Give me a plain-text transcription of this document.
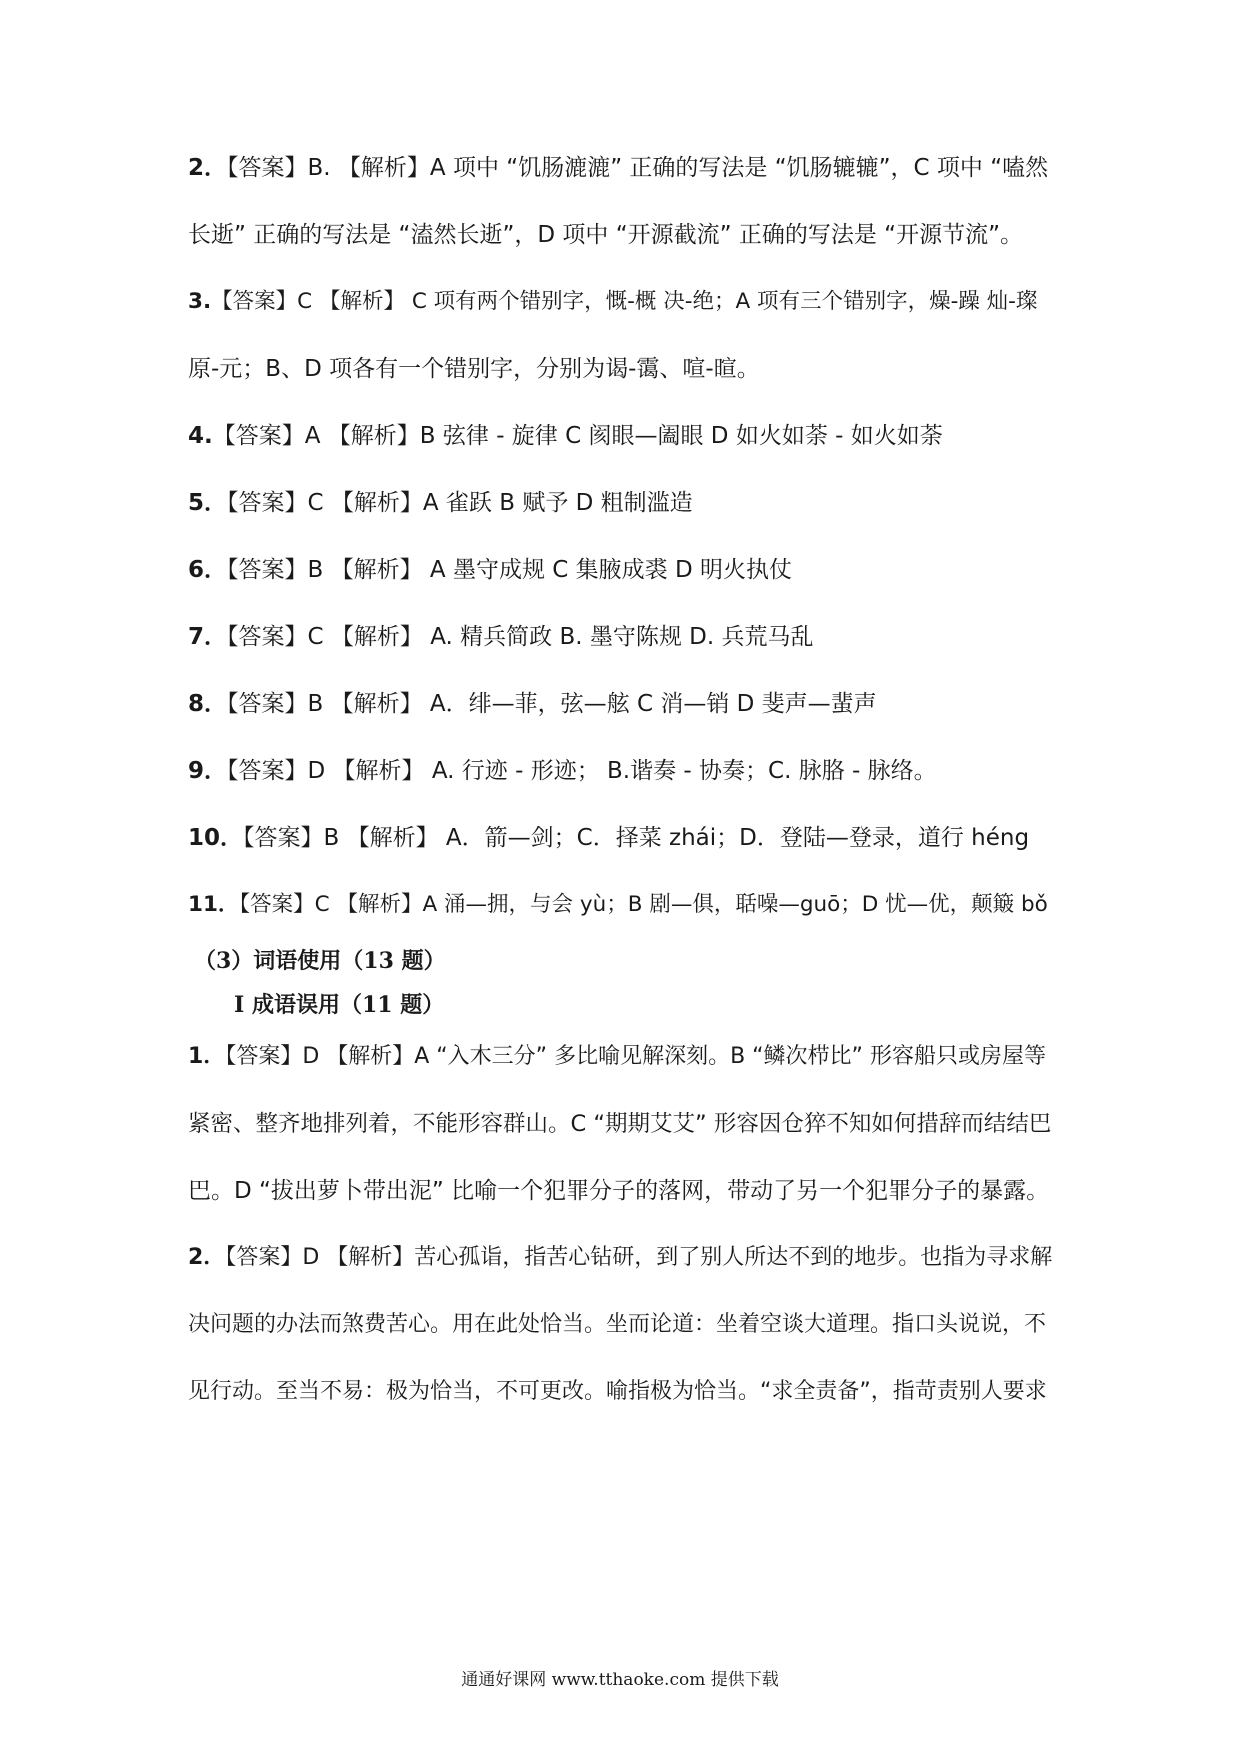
2．【答案】B. 【解析】A 项中 “饥肠漉漉” 正确的写法是 “饥肠辘辘”，C 项中 “嗑然

长逝” 正确的写法是 “溘然长逝”，D 项中 “开源截流” 正确的写法是 “开源节流”。

3.【答案】C 【解析】 C 项有两个错别字，慨-概 决-绝；A 项有三个错别字，燥-躁 灿-璨

原-元；B、D 项各有一个错别字，分别为谒-霭、喧-暄。

4.【答案】A 【解析】B 弦律 - 旋律 C 阂眼—阖眼 D 如火如荼 - 如火如荼

5．【答案】C 【解析】A 雀跃 B 赋予 D 粗制滥造

6．【答案】B 【解析】 A 墨守成规 C 集腋成裘 D 明火执仗

7．【答案】C 【解析】 A. 精兵简政 B. 墨守陈规 D. 兵荒马乱

8．【答案】B 【解析】 A．绯—菲，弦—舷 C 消—销 D 斐声—蜚声

9．【答案】D 【解析】 A. 行迹 - 形迹； B.谐奏 - 协奏；C. 脉胳 - 脉络。

10．【答案】B 【解析】 A．箭—剑；C．择菜 zhái；D．登陆—登录，道行 héng

11．【答案】C 【解析】A 涌—拥，与会 yù；B 剧—俱，聒噪—guō；D 忧—优，颠簸 bǒ

（3）词语使用（13 题）

I 成语误用（11 题）

1．【答案】D 【解析】A “入木三分” 多比喻见解深刻。B “鳞次栉比” 形容船只或房屋等

紧密、整齐地排列着，不能形容群山。C “期期艾艾” 形容因仓猝不知如何措辞而结结巴

巴。D “拔出萝卜带出泥” 比喻一个犯罪分子的落网，带动了另一个犯罪分子的暴露。

2．【答案】D 【解析】苦心孤诣，指苦心钻研，到了别人所达不到的地步。也指为寻求解

决问题的办法而煞费苦心。用在此处恰当。坐而论道：坐着空谈大道理。指口头说说，不

见行动。至当不易：极为恰当，不可更改。喻指极为恰当。“求全责备”，指苛责别人要求

通通好课网 www.tthaoke.com 提供下载
